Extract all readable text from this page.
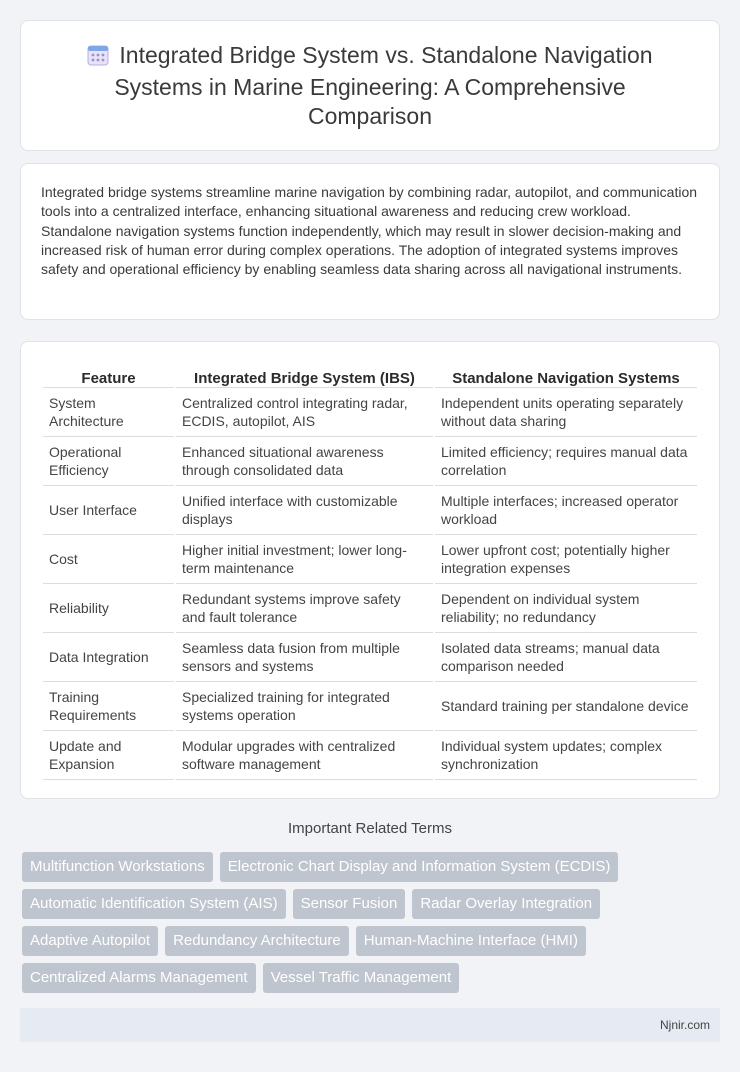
Integrated Bridge System vs. Standalone Navigation Systems in Marine Engineering: A Comprehensive Comparison

Integrated bridge systems streamline marine navigation by combining radar, autopilot, and communication tools into a centralized interface, enhancing situational awareness and reducing crew workload. Standalone navigation systems function independently, which may result in slower decision-making and increased risk of human error during complex operations. The adoption of integrated systems improves safety and operational efficiency by enabling seamless data sharing across all navigational instruments.

Feature	Integrated Bridge System (IBS)	Standalone Navigation Systems
System Architecture	Centralized control integrating radar, ECDIS, autopilot, AIS	Independent units operating separately without data sharing
Operational Efficiency	Enhanced situational awareness through consolidated data	Limited efficiency; requires manual data correlation
User Interface	Unified interface with customizable displays	Multiple interfaces; increased operator workload
Cost	Higher initial investment; lower long-term maintenance	Lower upfront cost; potentially higher integration expenses
Reliability	Redundant systems improve safety and fault tolerance	Dependent on individual system reliability; no redundancy
Data Integration	Seamless data fusion from multiple sensors and systems	Isolated data streams; manual data comparison needed
Training Requirements	Specialized training for integrated systems operation	Standard training per standalone device
Update and Expansion	Modular upgrades with centralized software management	Individual system updates; complex synchronization
Important Related Terms
Multifunction Workstations	Electronic Chart Display and Information System (ECDIS)
Automatic Identification System (AIS)	Sensor Fusion	Radar Overlay Integration
Adaptive Autopilot	Redundancy Architecture	Human-Machine Interface (HMI)
Centralized Alarms Management	Vessel Traffic Management
Njnir.com
